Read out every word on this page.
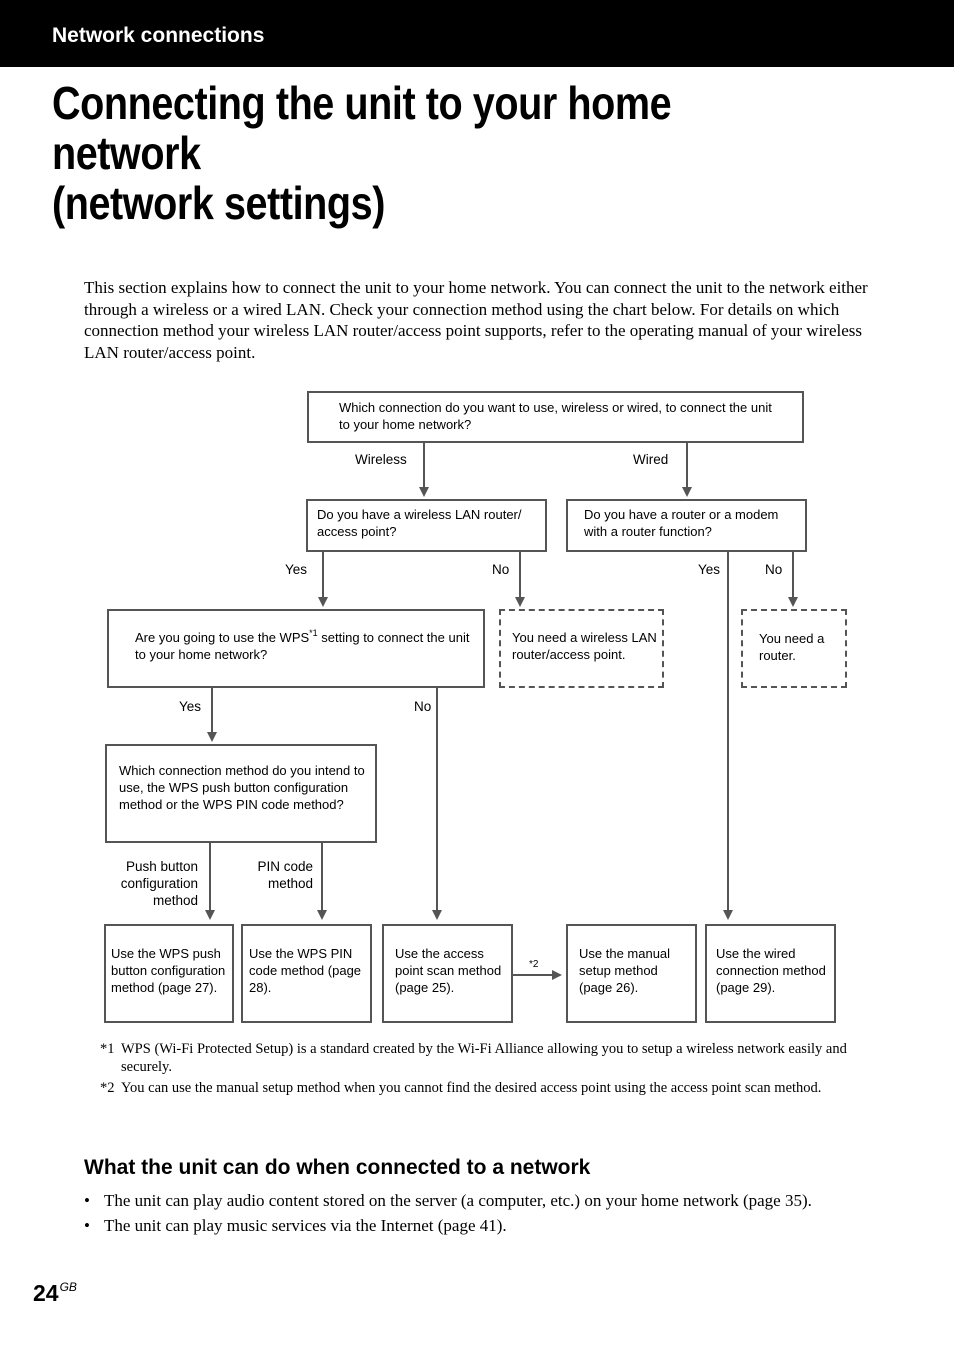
Network connections
Connecting the unit to your home network
(network settings)

This section explains how to connect the unit to your home network. You can connect the unit to the network either through a wireless or a wired LAN. Check your connection method using the chart below. For details on which connection method your wireless LAN router/access point supports, refer to the operating manual of your wireless LAN router/access point.

Which connection do you want to use, wireless or wired, to connect the unit to your home network?
Wireless	Wired
Do you have a wireless LAN router/ access point?
Do you have a router or a modem with a router function?
Yes	No	Yes	No
Are you going to use the WPS$^{*1}$ setting to connect the unit to your home network?
You need a wireless LAN router/access point.
You need a router.
Yes	No
Which connection method do you intend to use, the WPS push button configuration method or the WPS PIN code method?
Push button configuration method
PIN code method
Use the WPS push button configuration method (page 27).
Use the WPS PIN code method (page 28).
Use the access point scan method (page 25).
*2
Use the manual setup method (page 26).
Use the wired connection method (page 29).
*1 WPS (Wi-Fi Protected Setup) is a standard created by the Wi-Fi Alliance allowing you to setup a wireless network easily and securely.
*2 You can use the manual setup method when you cannot find the desired access point using the access point scan method.
What the unit can do when connected to a network
• The unit can play audio content stored on the server (a computer, etc.) on your home network (page 35).
• The unit can play music services via the Internet (page 41).
$24^{GB}$
